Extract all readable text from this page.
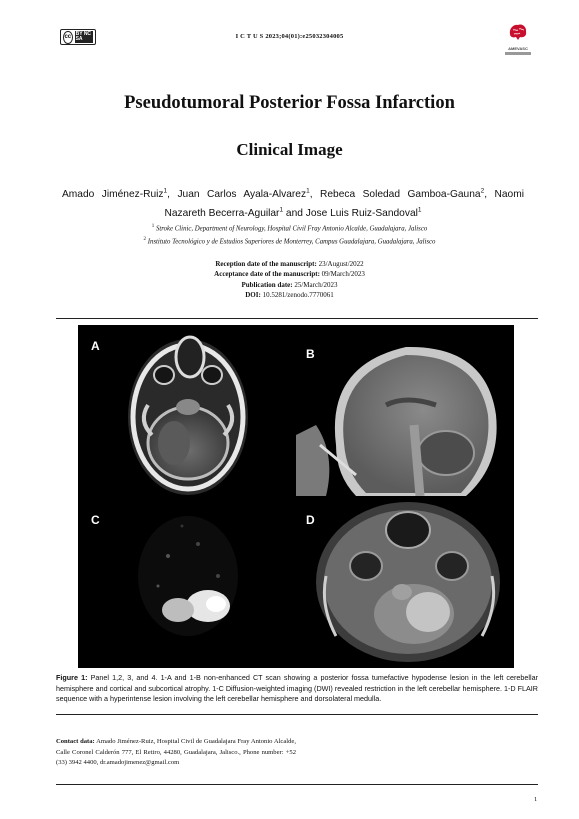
cc BY NC SA	I C T U S 2023;04(01):e25032304005
AMEVASC
Pseudotumoral Posterior Fossa Infarction
Clinical Image
Amado Jiménez-Ruiz$^1$, Juan Carlos Ayala-Alvarez$^1$, Rebeca Soledad Gamboa-Gauna$^2$, Naomi Nazareth Becerra-Aguilar$^1$ and Jose Luis Ruiz-Sandoval$^1$
$^1$ Stroke Clinic, Department of Neurology, Hospital Civil Fray Antonio Alcalde, Guadalajara, Jalisco
$^2$ Instituto Tecnológico y de Estudios Superiores de Monterrey, Campus Guadalajara, Guadalajara, Jalisco
Reception date of the manuscript: 23/August/2022
Acceptance date of the manuscript: 09/March/2023
Publication date: 25/March/2023
DOI: 10.5281/zenodo.7770061
A
B
C	D
Figure 1: Panel 1,2, 3, and 4. 1-A and 1-B non-enhanced CT scan showing a posterior fossa tumefactive hypodense lesion in the left cerebellar hemisphere and cortical and subcortical atrophy. 1-C Diffusion-weighted imaging (DWI) revealed restriction in the left cerebellar hemisphere. 1-D FLAIR sequence with a hyperintense lesion involving the left cerebellar hemisphere and dorsolateral medulla.
Contact data: Amado Jiménez-Ruiz, Hospital Civil de Guadalajara Fray Antonio Alcalde, Calle Coronel Calderón 777, El Retiro, 44280, Guadalajara, Jalisco., Phone number: +52 (33) 3942 4400, dr.amadojimenez@gmail.com
1
